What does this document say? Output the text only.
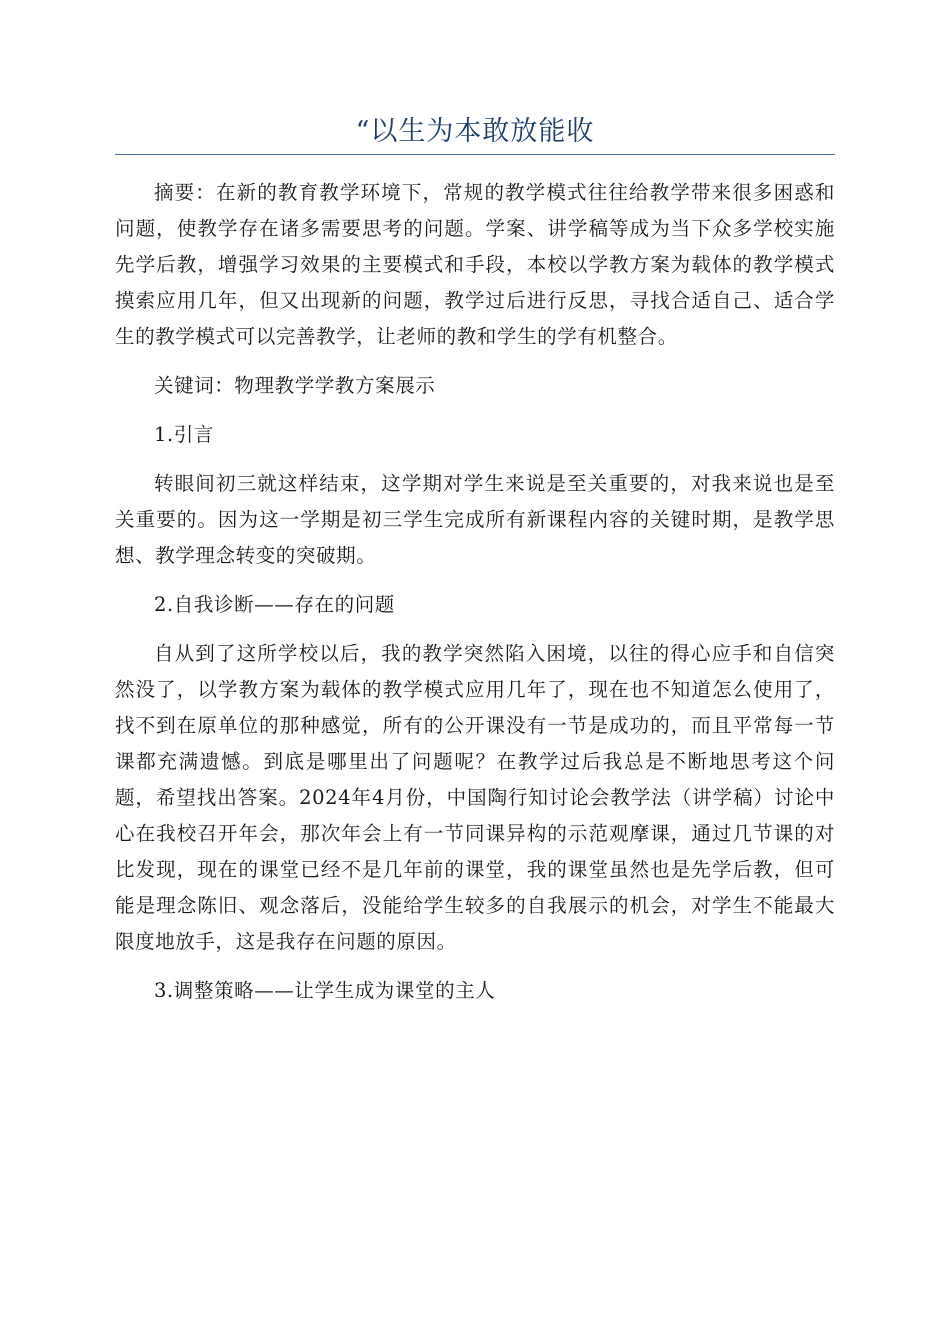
“以生为本敢放能收

摘要：在新的教育教学环境下，常规的教学模式往往给教学带来很多困惑和问题，使教学存在诸多需要思考的问题。学案、讲学稿等成为当下众多学校实施先学后教，增强学习效果的主要模式和手段，本校以学教方案为载体的教学模式摸索应用几年，但又出现新的问题，教学过后进行反思，寻找合适自己、适合学生的教学模式可以完善教学，让老师的教和学生的学有机整合。

关键词：物理教学学教方案展示

1.引言

转眼间初三就这样结束，这学期对学生来说是至关重要的，对我来说也是至关重要的。因为这一学期是初三学生完成所有新课程内容的关键时期，是教学思想、教学理念转变的突破期。

2.自我诊断——存在的问题

自从到了这所学校以后，我的教学突然陷入困境，以往的得心应手和自信突然没了，以学教方案为载体的教学模式应用几年了，现在也不知道怎么使用了，找不到在原单位的那种感觉，所有的公开课没有一节是成功的，而且平常每一节课都充满遗憾。到底是哪里出了问题呢？在教学过后我总是不断地思考这个问题，希望找出答案。2024年4月份，中国陶行知讨论会教学法（讲学稿）讨论中心在我校召开年会，那次年会上有一节同课异构的示范观摩课，通过几节课的对比发现，现在的课堂已经不是几年前的课堂，我的课堂虽然也是先学后教，但可能是理念陈旧、观念落后，没能给学生较多的自我展示的机会，对学生不能最大限度地放手，这是我存在问题的原因。

3.调整策略——让学生成为课堂的主人
